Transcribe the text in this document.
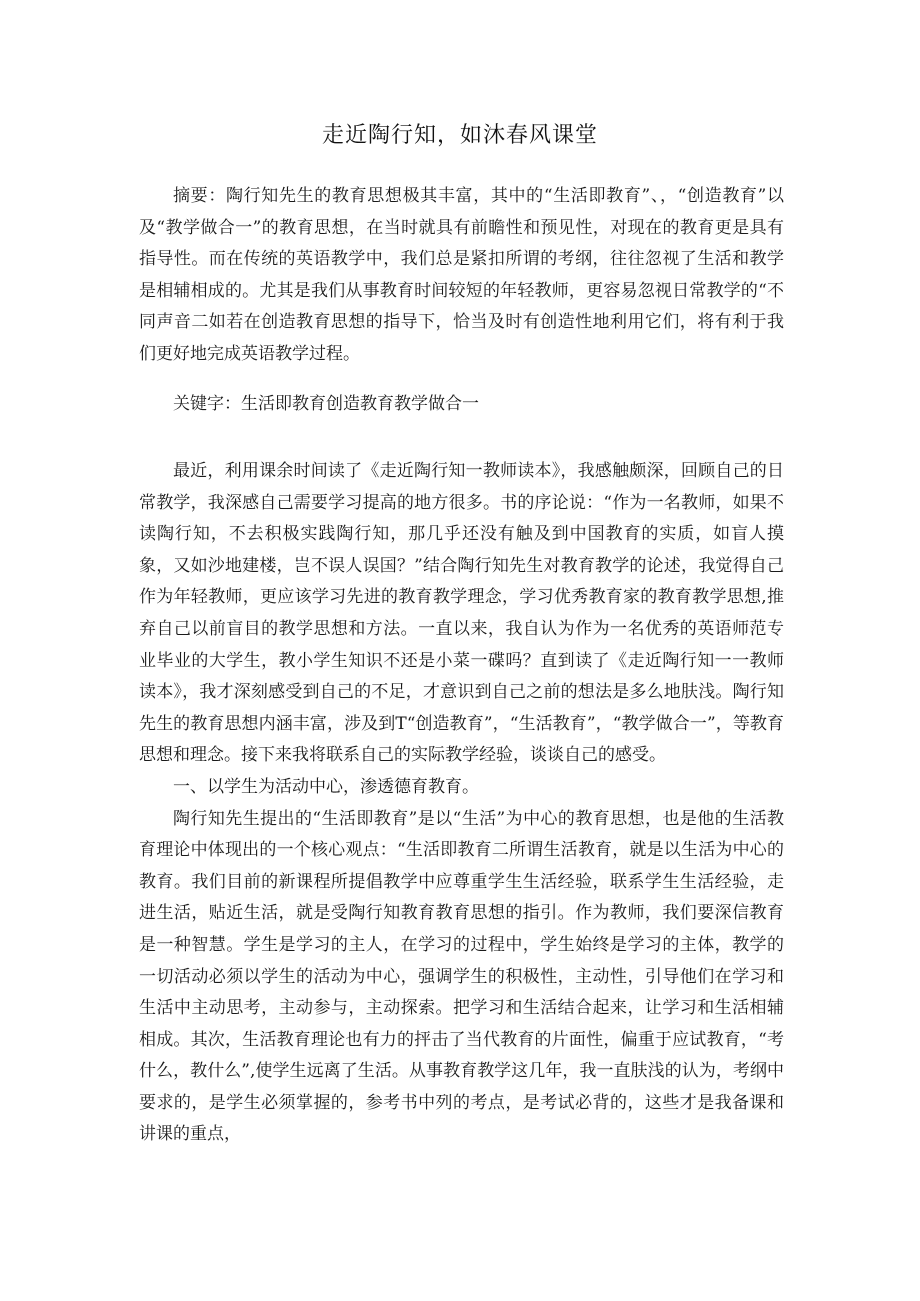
走近陶行知，如沐春风课堂

摘要：陶行知先生的教育思想极其丰富，其中的“生活即教育”、，“创造教育”以及“教学做合一”的教育思想，在当时就具有前瞻性和预见性，对现在的教育更是具有指导性。而在传统的英语教学中，我们总是紧扣所谓的考纲，往往忽视了生活和教学是相辅相成的。尤其是我们从事教育时间较短的年轻教师，更容易忽视日常教学的“不同声音二如若在创造教育思想的指导下，恰当及时有创造性地利用它们，将有利于我们更好地完成英语教学过程。

关键字：生活即教育创造教育教学做合一

最近，利用课余时间读了《走近陶行知一教师读本》，我感触颇深，回顾自己的日常教学，我深感自己需要学习提高的地方很多。书的序论说：“作为一名教师，如果不读陶行知，不去积极实践陶行知，那几乎还没有触及到中国教育的实质，如盲人摸象，又如沙地建楼，岂不误人误国？”结合陶行知先生对教育教学的论述，我觉得自己作为年轻教师，更应该学习先进的教育教学理念，学习优秀教育家的教育教学思想,推弃自己以前盲目的教学思想和方法。一直以来，我自认为作为一名优秀的英语师范专业毕业的大学生，教小学生知识不还是小菜一碟吗？直到读了《走近陶行知一一教师读本》，我才深刻感受到自己的不足，才意识到自己之前的想法是多么地肤浅。陶行知先生的教育思想内涵丰富，涉及到T“创造教育”，“生活教育”，“教学做合一”，等教育思想和理念。接下来我将联系自己的实际教学经验，谈谈自己的感受。

一、以学生为活动中心，渗透德育教育。

陶行知先生提出的“生活即教育”是以“生活”为中心的教育思想，也是他的生活教育理论中体现出的一个核心观点：“生活即教育二所谓生活教育，就是以生活为中心的教育。我们目前的新课程所提倡教学中应尊重学生生活经验，联系学生生活经验，走进生活，贴近生活，就是受陶行知教育教育思想的指引。作为教师，我们要深信教育是一种智慧。学生是学习的主人，在学习的过程中，学生始终是学习的主体，教学的一切活动必须以学生的活动为中心，强调学生的积极性，主动性，引导他们在学习和生活中主动思考，主动参与，主动探索。把学习和生活结合起来，让学习和生活相辅相成。其次，生活教育理论也有力的抨击了当代教育的片面性，偏重于应试教育，“考什么，教什么”,使学生远离了生活。从事教育教学这几年，我一直肤浅的认为，考纲中要求的，是学生必须掌握的，参考书中列的考点，是考试必背的，这些才是我备课和讲课的重点，
